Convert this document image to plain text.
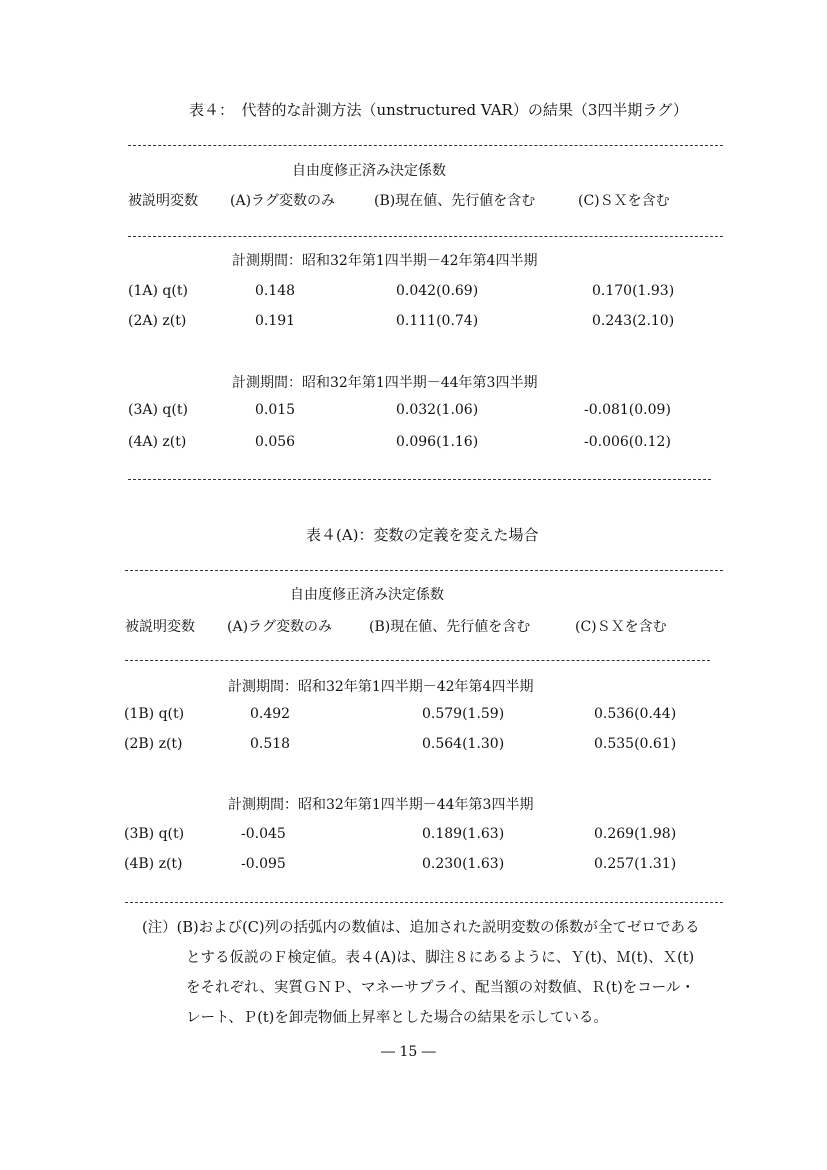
表４：　代替的な計測方法（unstructured VAR）の結果（3四半期ラグ）
自由度修正済み決定係数
被説明変数 (A)ラグ変数のみ	(B)現在値、先行値を含む	(C)ＳＸを含む
計測期間：昭和32年第1四半期－42年第4四半期
(1A) q(t)	0.148	0.042(0.69)	0.170(1.93)
(2A) z(t)	0.191	0.111(0.74)	0.243(2.10)
計測期間：昭和32年第1四半期－44年第3四半期
(3A) q(t)	0.015	0.032(1.06)	-0.081(0.09)
(4A) z(t)	0.056	0.096(1.16)	-0.006(0.12)
表４(A)：変数の定義を変えた場合
自由度修正済み決定係数
被説明変数 (A)ラグ変数のみ	(B)現在値、先行値を含む	(C)ＳＸを含む
計測期間：昭和32年第1四半期－42年第4四半期
(1B) q(t)	0.492	0.579(1.59)	0.536(0.44)
(2B) z(t)	0.518	0.564(1.30)	0.535(0.61)
計測期間：昭和32年第1四半期－44年第3四半期
(3B) q(t)	-0.045	0.189(1.63)	0.269(1.98)
(4B) z(t)	-0.095	0.230(1.63)	0.257(1.31)
(注）(B)および(C)列の括弧内の数値は、追加された説明変数の係数が全てゼロである
とする仮説のＦ検定値。表４(A)は、脚注８にあるように、Ｙ(t)、Ｍ(t)、Ｘ(t)
をそれぞれ、実質ＧＮＰ、マネーサプライ、配当額の対数値、Ｒ(t)をコール・
レート、Ｐ(t)を卸売物価上昇率とした場合の結果を示している。
― 15 ―
